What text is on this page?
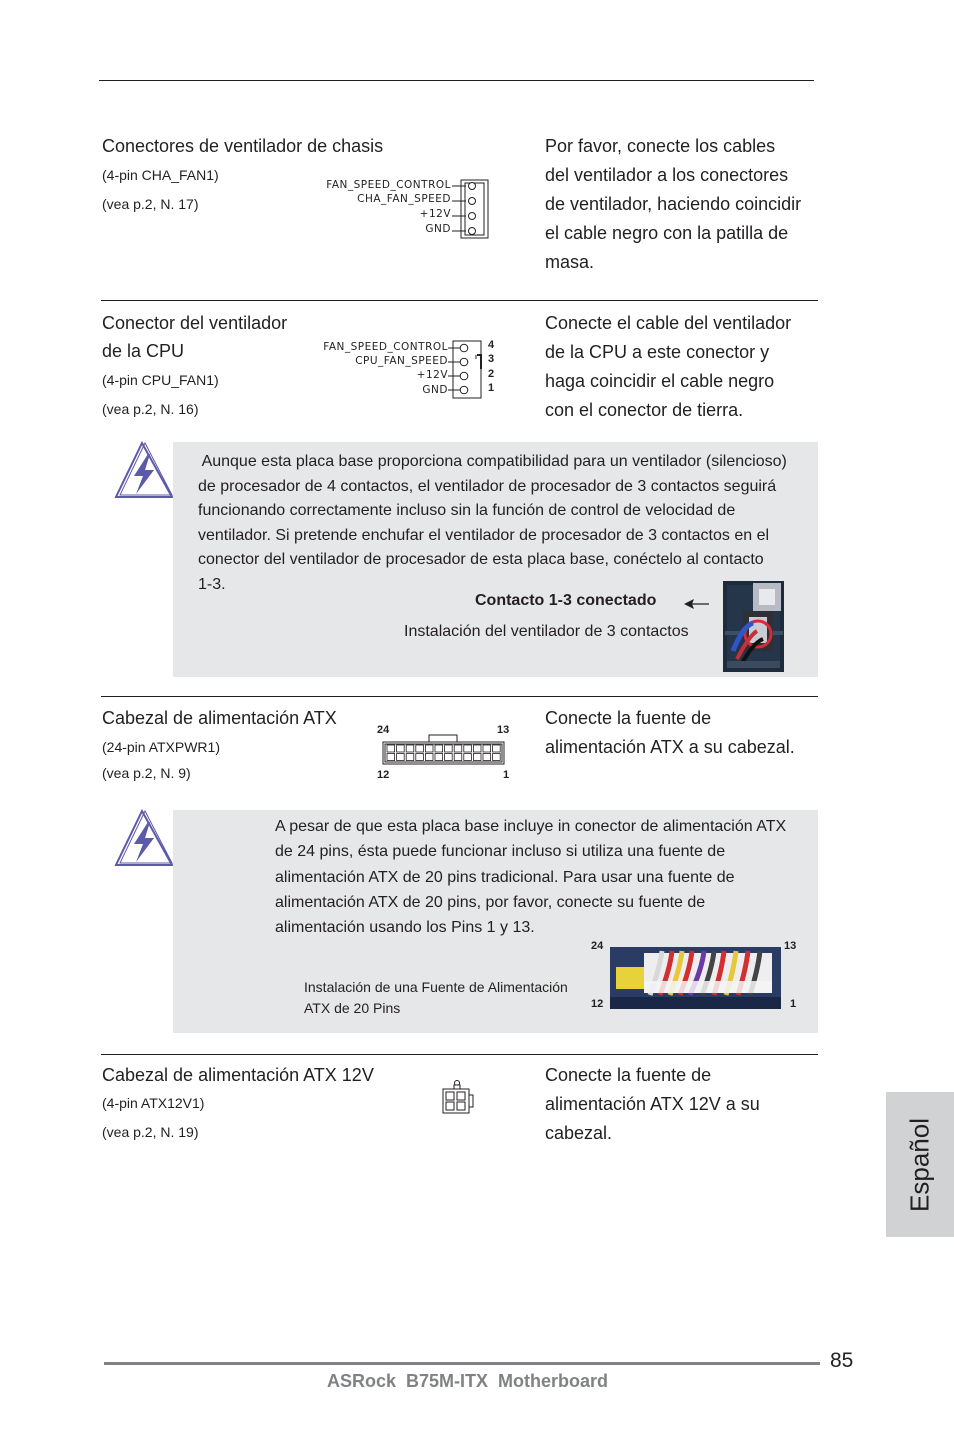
Conectores de ventilador de chasis
(4-pin CHA_FAN1)
(vea p.2, N. 17)
FAN_SPEED_CONTROL
CHA_FAN_SPEED
+12V
GND
Por favor, conecte los cables
del ventilador a los conectores
de ventilador, haciendo coincidir
el cable negro con la patilla de
masa.
Conector del ventilador
de la CPU
(4-pin CPU_FAN1)
(vea p.2, N. 16)
FAN_SPEED_CONTROL
CPU_FAN_SPEED
+12V
GND
4
3
2
1
Conecte el cable del ventilador
de la CPU a este conector y
haga coincidir el cable negro
con el conector de tierra.
Aunque esta placa base proporciona compatibilidad para un ventilador (silencioso)
de procesador de 4 contactos, el ventilador de procesador de 3 contactos seguirá
funcionando correctamente incluso sin la función de control de velocidad de
ventilador. Si pretende enchufar el ventilador de procesador de 3 contactos en el
conector del ventilador de procesador de esta placa base, conéctelo al contacto
1-3.
Contacto 1-3 conectado
Instalación del ventilador de 3 contactos
Cabezal de alimentación ATX
(24-pin ATXPWR1)
(vea p.2, N. 9)
24	13
12	1
Conecte la fuente de
alimentación ATX a su cabezal.
A pesar de que esta placa base incluye in conector de alimentación ATX
de 24 pins, ésta puede funcionar incluso si utiliza una fuente de
alimentación ATX de 20 pins tradicional. Para usar una fuente de
alimentación ATX de 20 pins, por favor, conecte su fuente de
alimentación usando los Pins 1 y 13.
Instalación de una Fuente de Alimentación
ATX de 20 Pins
24	13
12	1
Cabezal de alimentación ATX 12V
(4-pin ATX12V1)
(vea p.2, N. 19)
Conecte la fuente de
alimentación ATX 12V a su
cabezal.	Español
85
ASRock  B75M-ITX  Motherboard
